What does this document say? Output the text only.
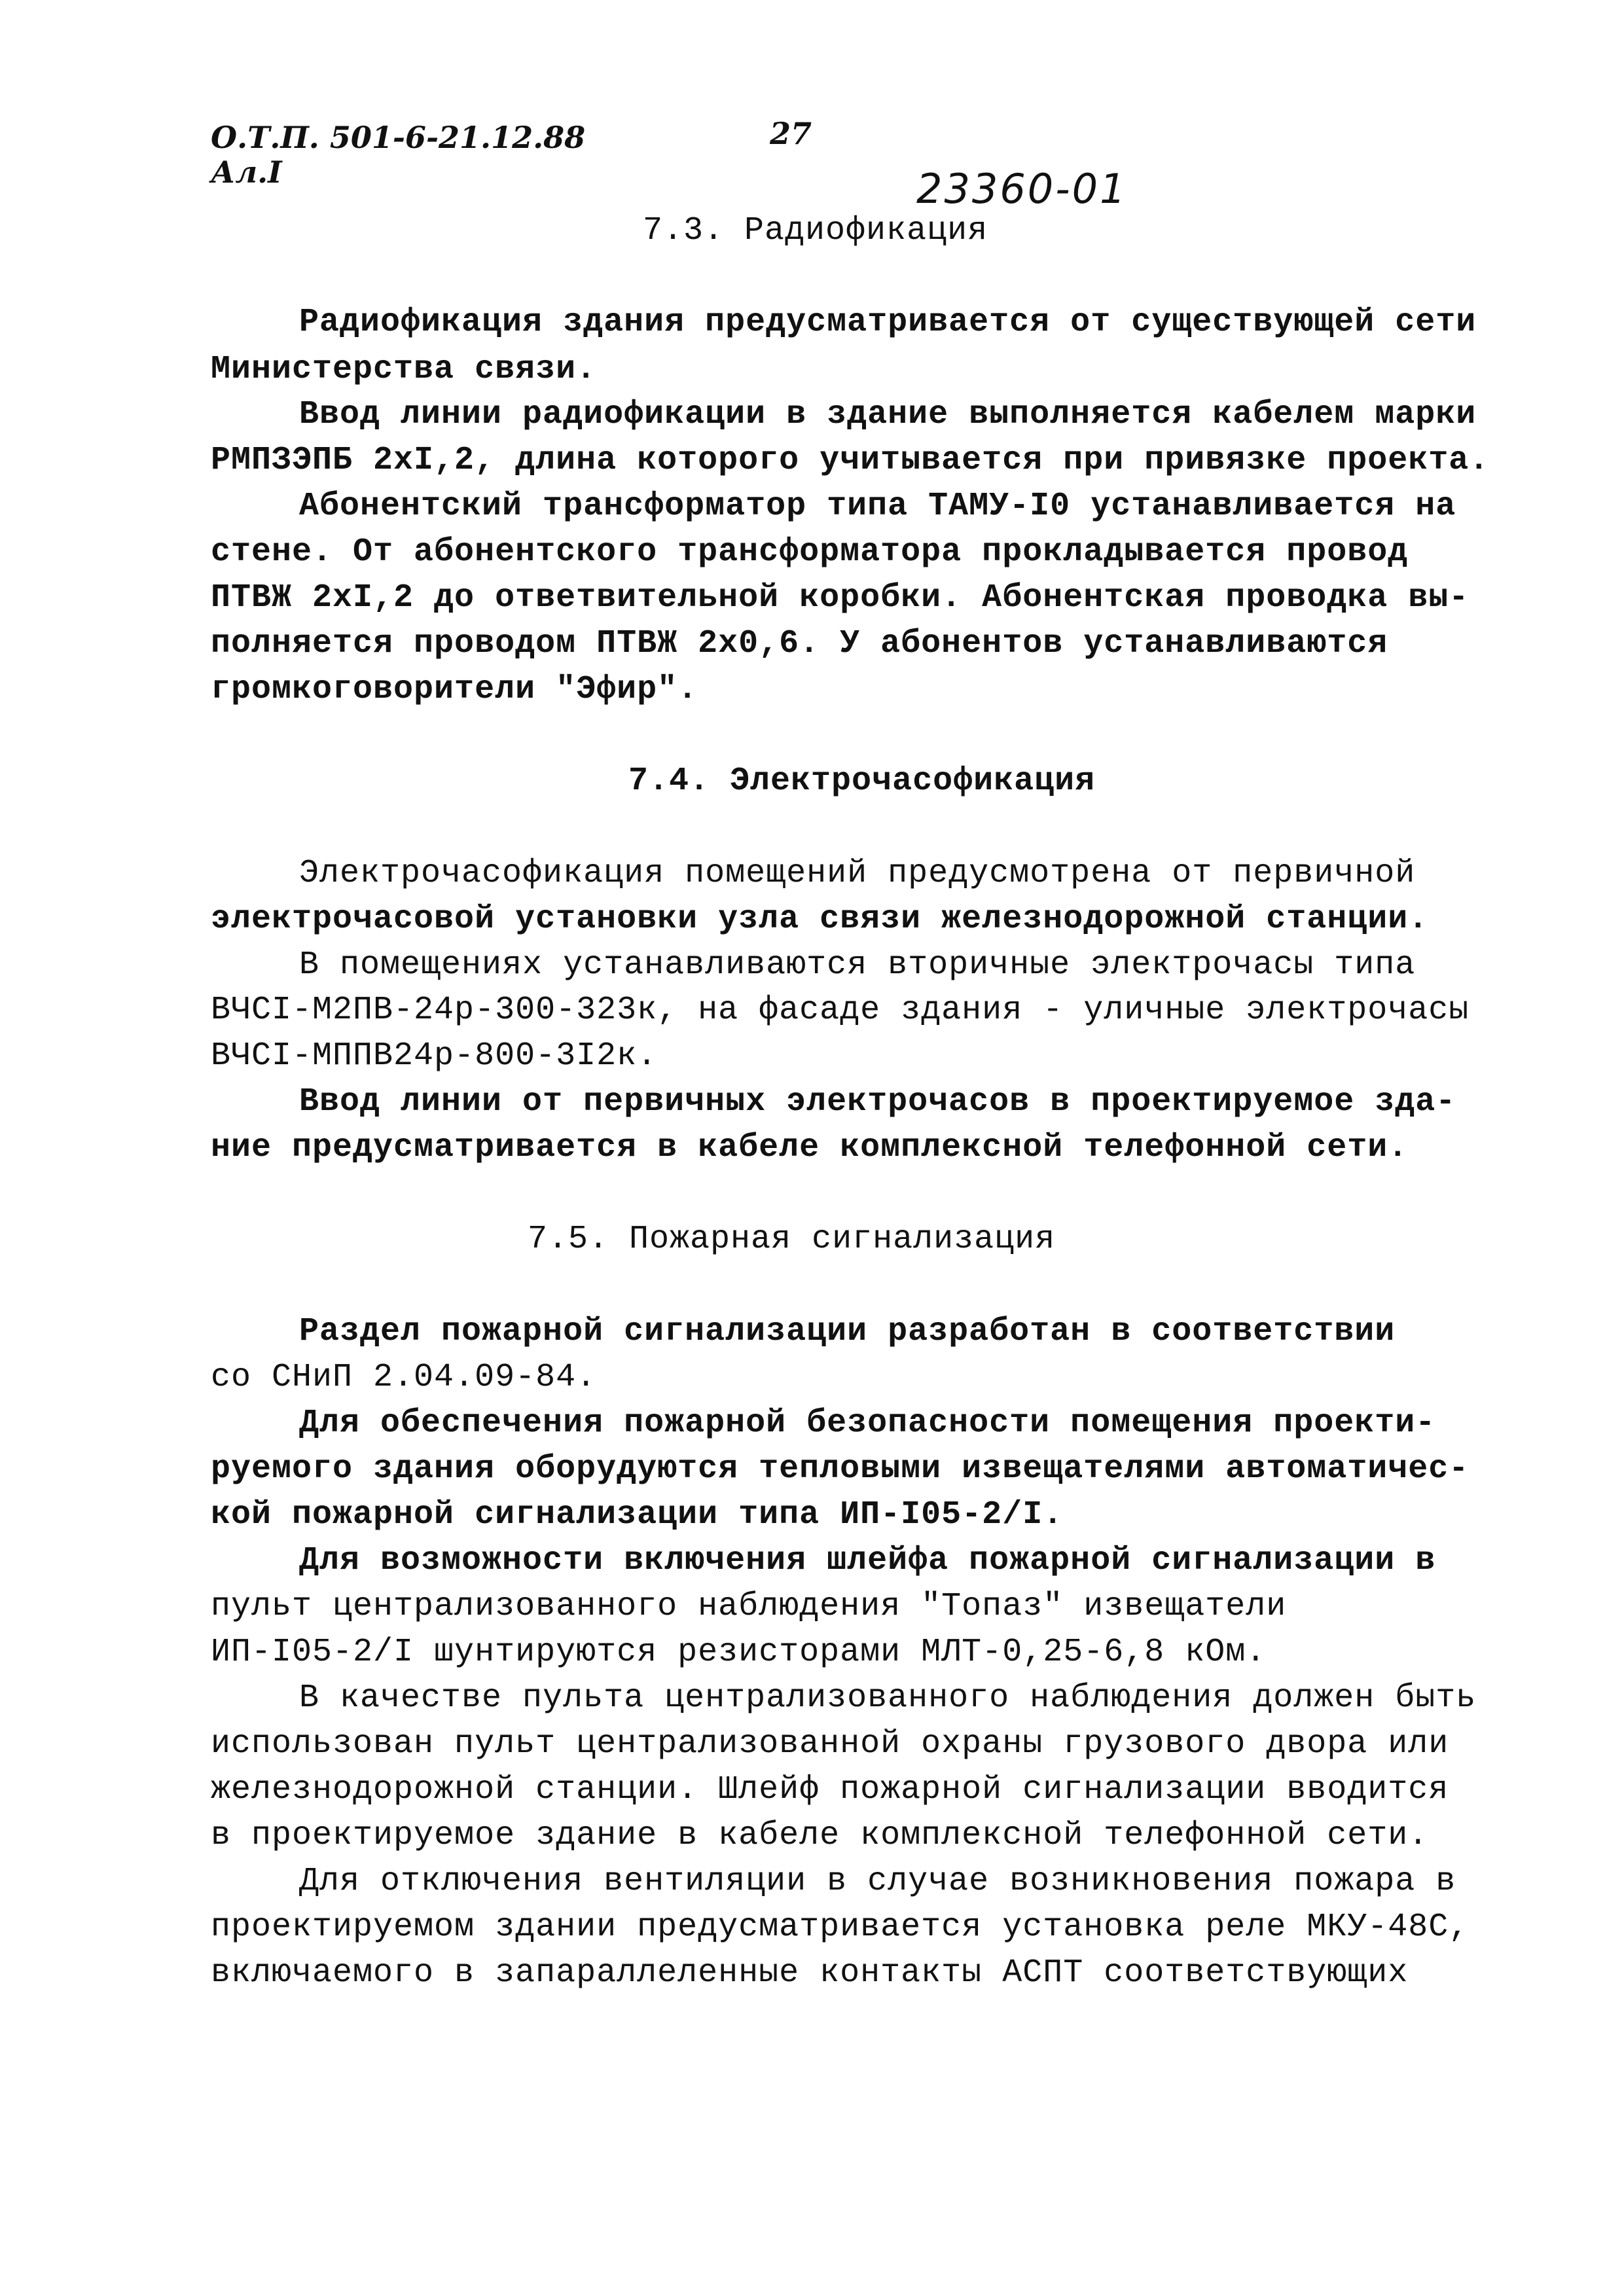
О.Т.П. 501-6-21.12.88
Ал.I
27
23360-01
7.3. Радиофикация
Радиофикация здания предусматривается от существующей сети
Министерства связи.
Ввод линии радиофикации в здание выполняется кабелем марки
РМПЗЭПБ 2хI,2, длина которого учитывается при привязке проекта.
Абонентский трансформатор типа ТАМУ-I0 устанавливается на
стене. От абонентского трансформатора прокладывается провод
ПТВЖ 2хI,2 до ответвительной коробки. Абонентская проводка вы-
полняется проводом ПТВЖ 2х0,6. У абонентов устанавливаются
громкоговорители "Эфир".
7.4. Электрочасофикация
Электрочасофикация помещений предусмотрена от первичной
электрочасовой установки узла связи железнодорожной станции.
В помещениях устанавливаются вторичные электрочасы типа
ВЧСI-М2ПВ-24р-300-323к, на фасаде здания - уличные электрочасы
ВЧСI-МППВ24р-800-3I2к.
Ввод линии от первичных электрочасов в проектируемое зда-
ние предусматривается в кабеле комплексной телефонной сети.
7.5. Пожарная сигнализация
Раздел пожарной сигнализации разработан в соответствии
со СНиП 2.04.09-84.
Для обеспечения пожарной безопасности помещения проекти-
руемого здания оборудуются тепловыми извещателями автоматичес-
кой пожарной сигнализации типа ИП-I05-2/I.
Для возможности включения шлейфа пожарной сигнализации в
пульт централизованного наблюдения "Топаз" извещатели
ИП-I05-2/I шунтируются резисторами МЛТ-0,25-6,8 кОм.
В качестве пульта централизованного наблюдения должен быть
использован пульт централизованной охраны грузового двора или
железнодорожной станции. Шлейф пожарной сигнализации вводится
в проектируемое здание в кабеле комплексной телефонной сети.
Для отключения вентиляции в случае возникновения пожара в
проектируемом здании предусматривается установка реле МКУ-48С,
включаемого в запараллеленные контакты АСПТ соответствующих
